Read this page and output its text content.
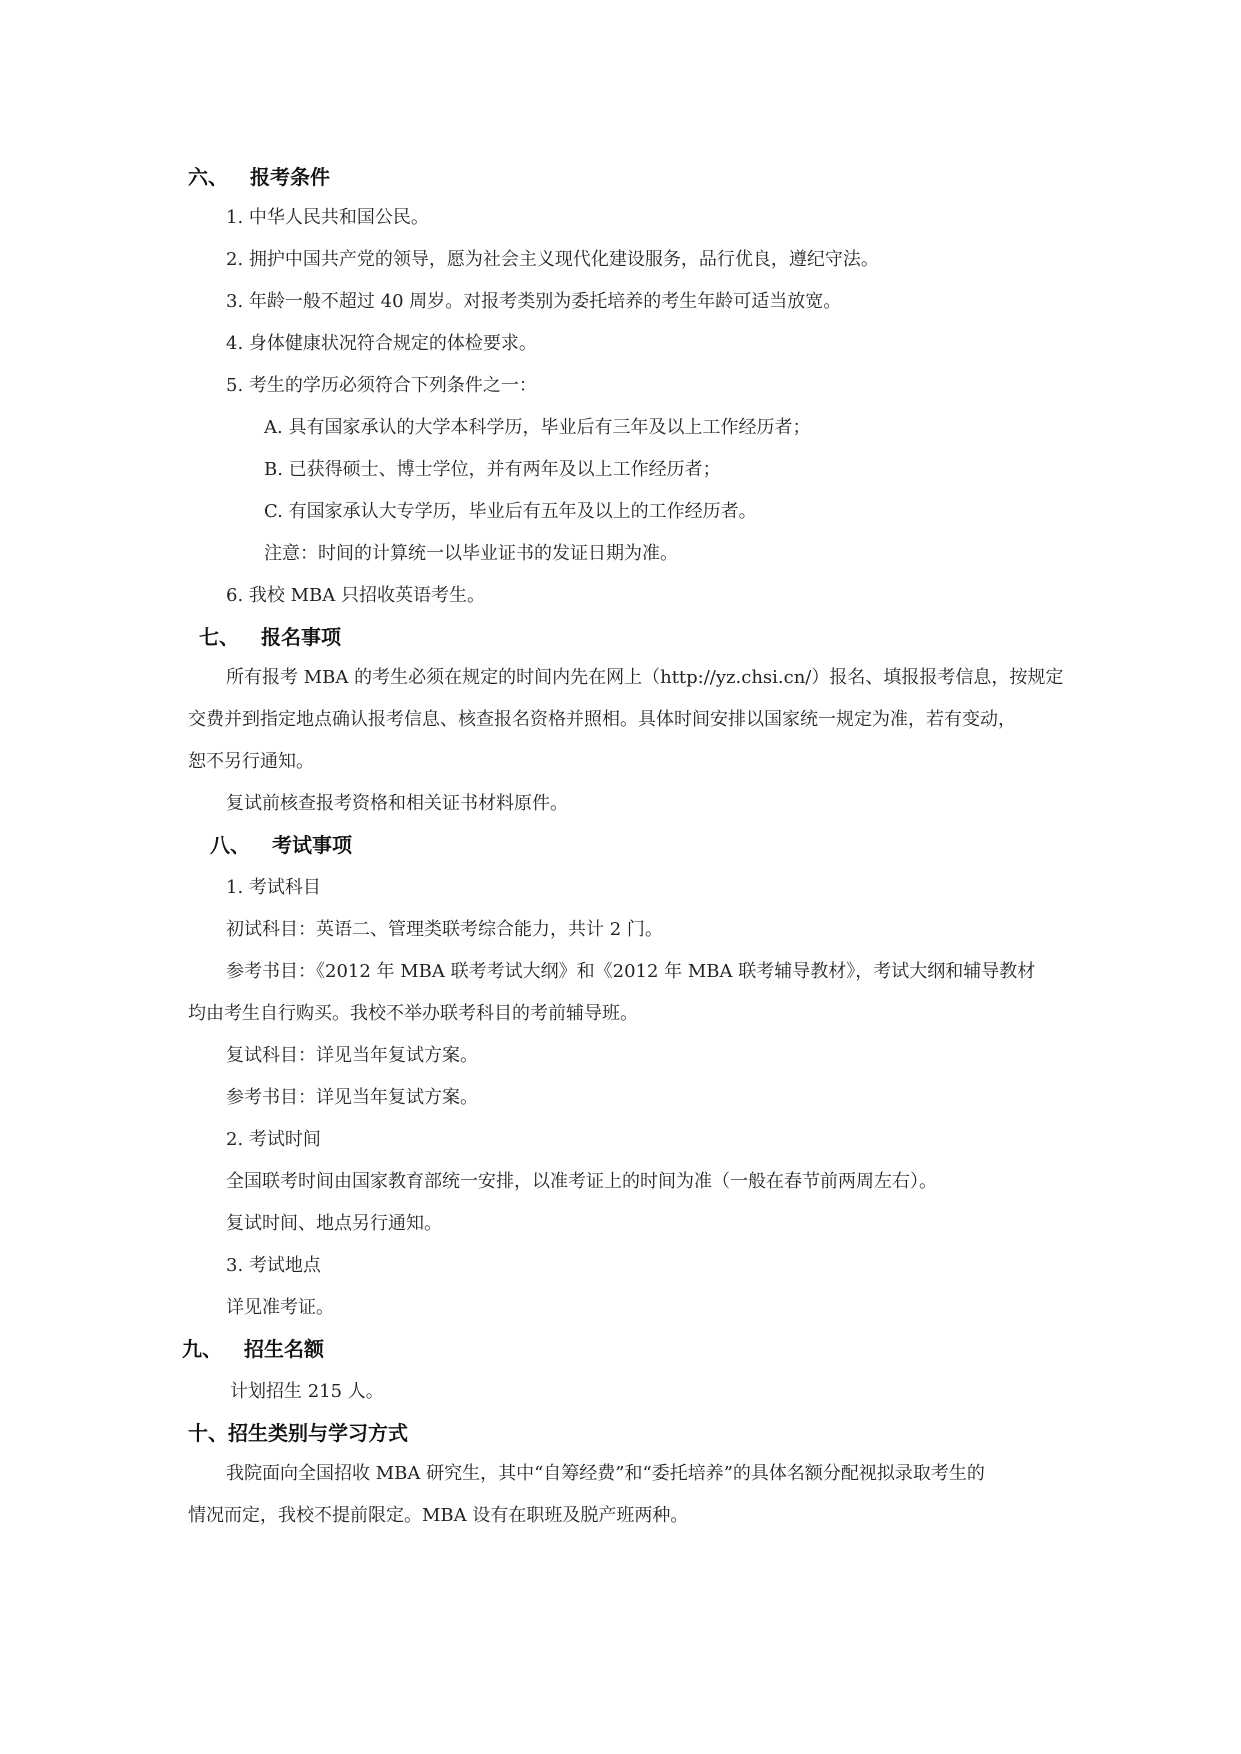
六、 报考条件
1. 中华人民共和国公民。
2. 拥护中国共产党的领导，愿为社会主义现代化建设服务，品行优良，遵纪守法。
3. 年龄一般不超过 40 周岁。对报考类别为委托培养的考生年龄可适当放宽。
4. 身体健康状况符合规定的体检要求。
5. 考生的学历必须符合下列条件之一：
A. 具有国家承认的大学本科学历，毕业后有三年及以上工作经历者；
B. 已获得硕士、博士学位，并有两年及以上工作经历者；
C. 有国家承认大专学历，毕业后有五年及以上的工作经历者。
注意：时间的计算统一以毕业证书的发证日期为准。
6. 我校 MBA 只招收英语考生。
七、 报名事项
所有报考 MBA 的考生必须在规定的时间内先在网上（http://yz.chsi.cn/）报名、填报报考信息，按规定
交费并到指定地点确认报考信息、核查报名资格并照相。具体时间安排以国家统一规定为准，若有变动，
恕不另行通知。
复试前核查报考资格和相关证书材料原件。
八、 考试事项
1. 考试科目
初试科目：英语二、管理类联考综合能力，共计 2 门。
参考书目：《2012 年 MBA 联考考试大纲》和《2012 年 MBA 联考辅导教材》，考试大纲和辅导教材
均由考生自行购买。我校不举办联考科目的考前辅导班。
复试科目：详见当年复试方案。
参考书目：详见当年复试方案。
2. 考试时间
全国联考时间由国家教育部统一安排，以准考证上的时间为准（一般在春节前两周左右）。
复试时间、地点另行通知。
3. 考试地点
详见准考证。
九、 招生名额
计划招生 215 人。
十、招生类别与学习方式
我院面向全国招收 MBA 研究生，其中“自筹经费”和“委托培养”的具体名额分配视拟录取考生的
情况而定，我校不提前限定。MBA 设有在职班及脱产班两种。
